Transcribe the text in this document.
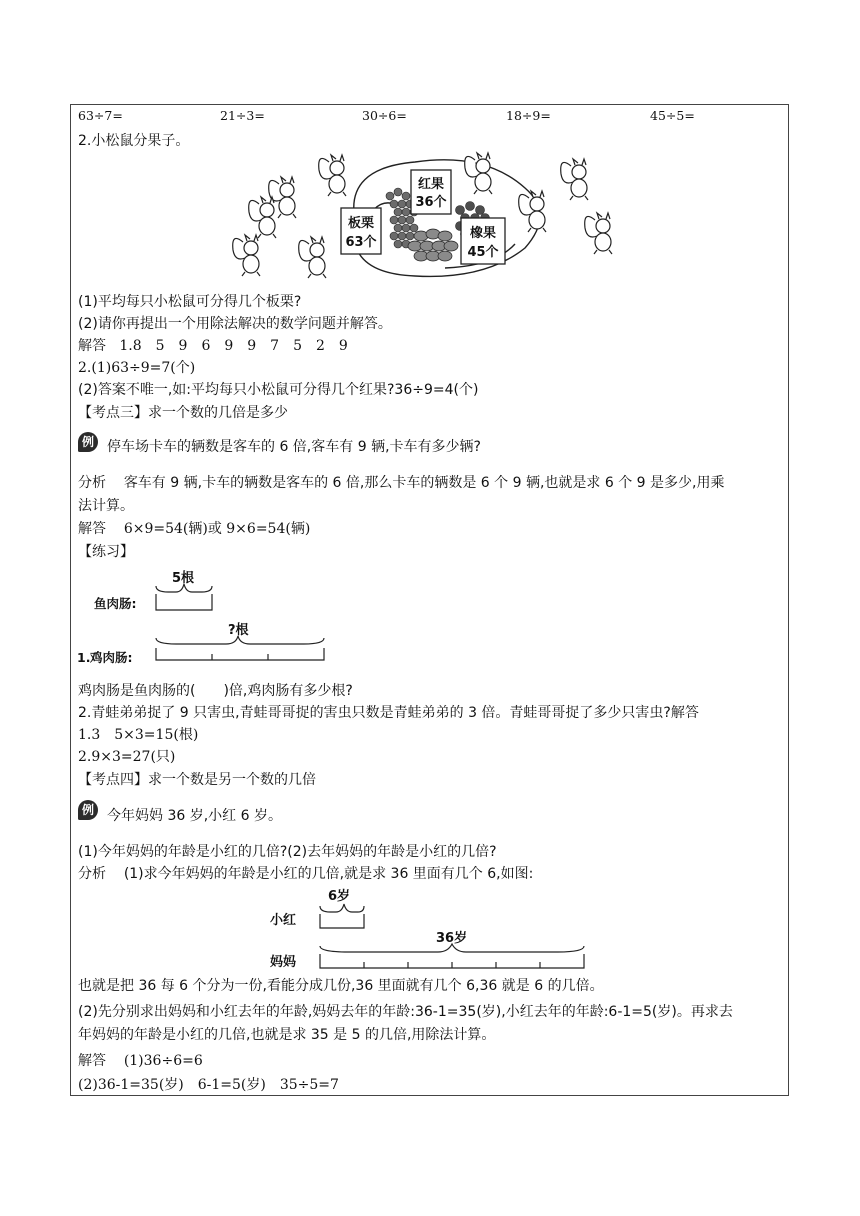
63÷7=	21÷3=	30÷6=	18÷9=	45÷5=
2.小松鼠分果子。
红果
36个
板栗
63个
橡果
45个
(1)平均每只小松鼠可分得几个板栗?
(2)请你再提出一个用除法解决的数学问题并解答。
解答 1.8　5　9　6　9　9　7　5　2　9
2.(1)63÷9=7(个)
(2)答案不唯一,如:平均每只小松鼠可分得几个红果?36÷9=4(个)
【考点三】求一个数的几倍是多少
例 停车场卡车的辆数是客车的 6 倍,客车有 9 辆,卡车有多少辆?
分析 客车有 9 辆,卡车的辆数是客车的 6 倍,那么卡车的辆数是 6 个 9 辆,也就是求 6 个 9 是多少,用乘
法计算。
解答 6×9=54(辆)或 9×6=54(辆)
【练习】
鱼肉肠:
5根
?根
1. 鸡肉肠:
鸡肉肠是鱼肉肠的(　　)倍,鸡肉肠有多少根?
2.青蛙弟弟捉了 9 只害虫,青蛙哥哥捉的害虫只数是青蛙弟弟的 3 倍。青蛙哥哥捉了多少只害虫?解答
1.3　5×3=15(根)
2.9×3=27(只)
【考点四】求一个数是另一个数的几倍
例 今年妈妈 36 岁,小红 6 岁。
(1)今年妈妈的年龄是小红的几倍?(2)去年妈妈的年龄是小红的几倍?
分析 (1)求今年妈妈的年龄是小红的几倍,就是求 36 里面有几个 6,如图:
小红
6岁
36岁
妈妈
也就是把 36 每 6 个分为一份,看能分成几份,36 里面就有几个 6,36 就是 6 的几倍。
(2)先分别求出妈妈和小红去年的年龄,妈妈去年的年龄:36-1=35(岁),小红去年的年龄:6-1=5(岁)。再求去
年妈妈的年龄是小红的几倍,也就是求 35 是 5 的几倍,用除法计算。
解答 (1)36÷6=6
(2)36-1=35(岁)　6-1=5(岁)　35÷5=7
